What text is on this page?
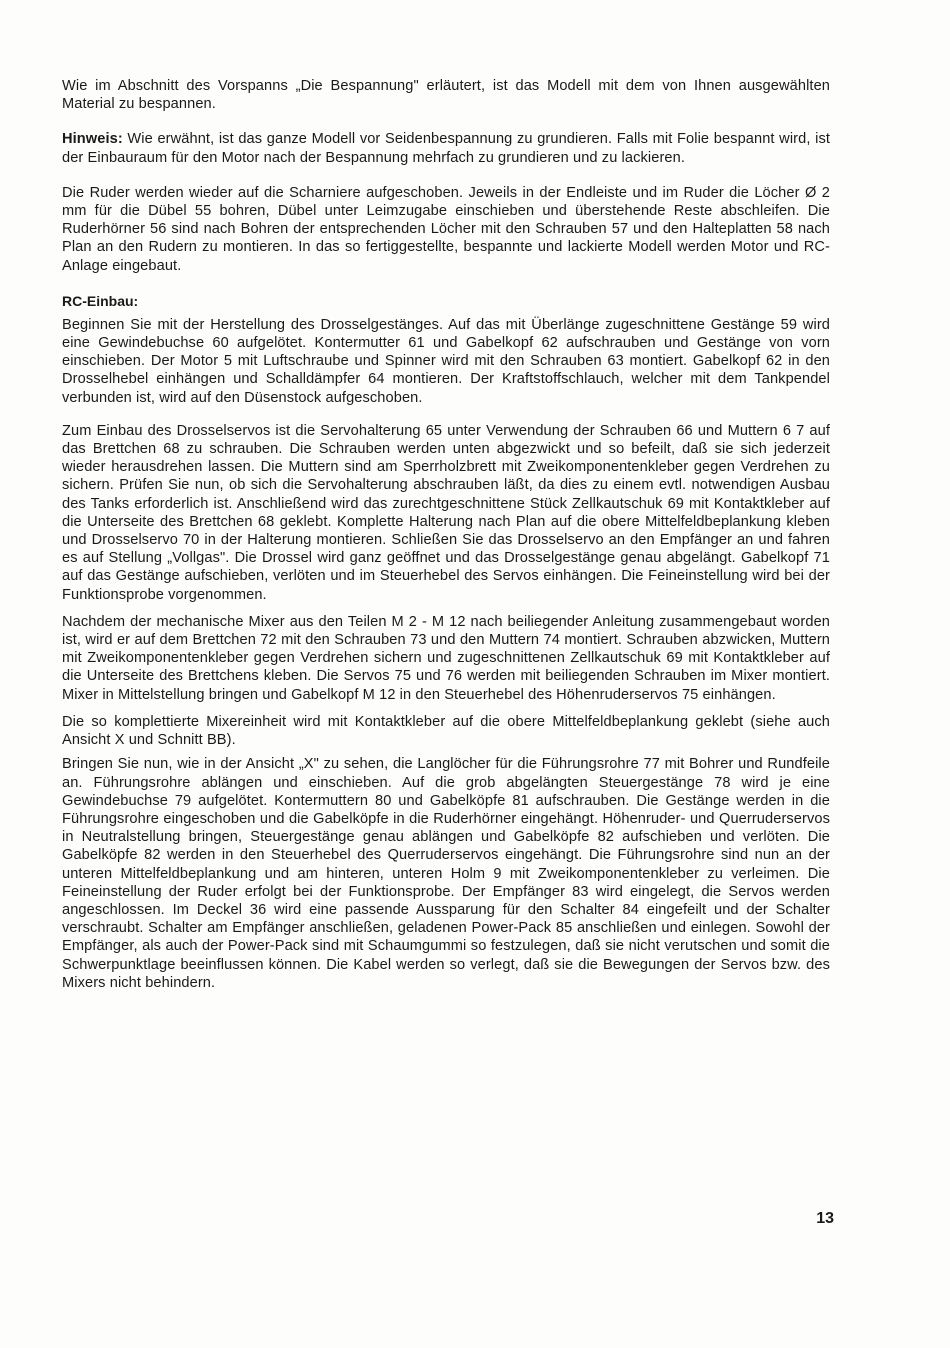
Wie im Abschnitt des Vorspanns „Die Bespannung" erläutert, ist das Modell mit dem von Ihnen ausgewählten Material zu bespannen.

Hinweis: Wie erwähnt, ist das ganze Modell vor Seidenbespannung zu grundieren. Falls mit Folie bespannt wird, ist der Einbauraum für den Motor nach der Bespannung mehrfach zu grundieren und zu lackieren.

Die Ruder werden wieder auf die Scharniere aufgeschoben. Jeweils in der Endleiste und im Ruder die Löcher Ø 2 mm für die Dübel 55 bohren, Dübel unter Leimzugabe einschieben und überstehende Reste abschleifen. Die Ruderhörner 56 sind nach Bohren der entsprechenden Löcher mit den Schrauben 57 und den Halteplatten 58 nach Plan an den Rudern zu montieren. In das so fertiggestellte, bespannte und lackierte Modell werden Motor und RC-Anlage eingebaut.

RC-Einbau:

Beginnen Sie mit der Herstellung des Drosselgestänges. Auf das mit Überlänge zugeschnittene Gestänge 59 wird eine Gewindebuchse 60 aufgelötet. Kontermutter 61 und Gabelkopf 62 aufschrauben und Gestänge von vorn einschieben. Der Motor 5 mit Luftschraube und Spinner wird mit den Schrauben 63 montiert. Gabelkopf 62 in den Drosselhebel einhängen und Schalldämpfer 64 montieren. Der Kraftstoffschlauch, welcher mit dem Tankpendel verbunden ist, wird auf den Düsenstock aufgeschoben.

Zum Einbau des Drosselservos ist die Servohalterung 65 unter Verwendung der Schrauben 66 und Muttern 6 7 auf das Brettchen 68 zu schrauben. Die Schrauben werden unten abgezwickt und so befeilt, daß sie sich jederzeit wieder herausdrehen lassen. Die Muttern sind am Sperrholzbrett mit Zweikomponentenkleber gegen Verdrehen zu sichern. Prüfen Sie nun, ob sich die Servohalterung abschrauben läßt, da dies zu einem evtl. notwendigen Ausbau des Tanks erforderlich ist. Anschließend wird das zurechtgeschnittene Stück Zellkautschuk 69 mit Kontaktkleber auf die Unterseite des Brettchen 68 geklebt. Komplette Halterung nach Plan auf die obere Mittelfeldbeplankung kleben und Drosselservo 70 in der Halterung montieren. Schließen Sie das Drosselservo an den Empfänger an und fahren es auf Stellung „Vollgas". Die Drossel wird ganz geöffnet und das Drosselgestänge genau abgelängt. Gabelkopf 71 auf das Gestänge aufschieben, verlöten und im Steuerhebel des Servos einhängen. Die Feineinstellung wird bei der Funktionsprobe vorgenommen.

Nachdem der mechanische Mixer aus den Teilen M 2 - M 12 nach beiliegender Anleitung zusammengebaut worden ist, wird er auf dem Brettchen 72 mit den Schrauben 73 und den Muttern 74 montiert. Schrauben abzwicken, Muttern mit Zweikomponentenkleber gegen Verdrehen sichern und zugeschnittenen Zellkautschuk 69 mit Kontaktkleber auf die Unterseite des Brettchens kleben. Die Servos 75 und 76 werden mit beiliegenden Schrauben im Mixer montiert. Mixer in Mittelstellung bringen und Gabelkopf M 12 in den Steuerhebel des Höhenruderservos 75 einhängen.

Die so komplettierte Mixereinheit wird mit Kontaktkleber auf die obere Mittelfeldbeplankung geklebt (siehe auch Ansicht X und Schnitt BB).

Bringen Sie nun, wie in der Ansicht „X" zu sehen, die Langlöcher für die Führungsrohre 77 mit Bohrer und Rundfeile an. Führungsrohre ablängen und einschieben. Auf die grob abgelängten Steuergestänge 78 wird je eine Gewindebuchse 79 aufgelötet. Kontermuttern 80 und Gabelköpfe 81 aufschrauben. Die Gestänge werden in die Führungsrohre eingeschoben und die Gabelköpfe in die Ruderhörner eingehängt. Höhenruder- und Querruderservos in Neutralstellung bringen, Steuergestänge genau ablängen und Gabelköpfe 82 aufschieben und verlöten. Die Gabelköpfe 82 werden in den Steuerhebel des Querruderservos eingehängt. Die Führungsrohre sind nun an der unteren Mittelfeldbeplankung und am hinteren, unteren Holm 9 mit Zweikomponentenkleber zu verleimen. Die Feineinstellung der Ruder erfolgt bei der Funktionsprobe. Der Empfänger 83 wird eingelegt, die Servos werden angeschlossen. Im Deckel 36 wird eine passende Aussparung für den Schalter 84 eingefeilt und der Schalter verschraubt. Schalter am Empfänger anschließen, geladenen Power-Pack 85 anschließen und einlegen. Sowohl der Empfänger, als auch der Power-Pack sind mit Schaumgummi so festzulegen, daß sie nicht verutschen und somit die Schwerpunktlage beeinflussen können. Die Kabel werden so verlegt, daß sie die Bewegungen der Servos bzw. des Mixers nicht behindern.

13
